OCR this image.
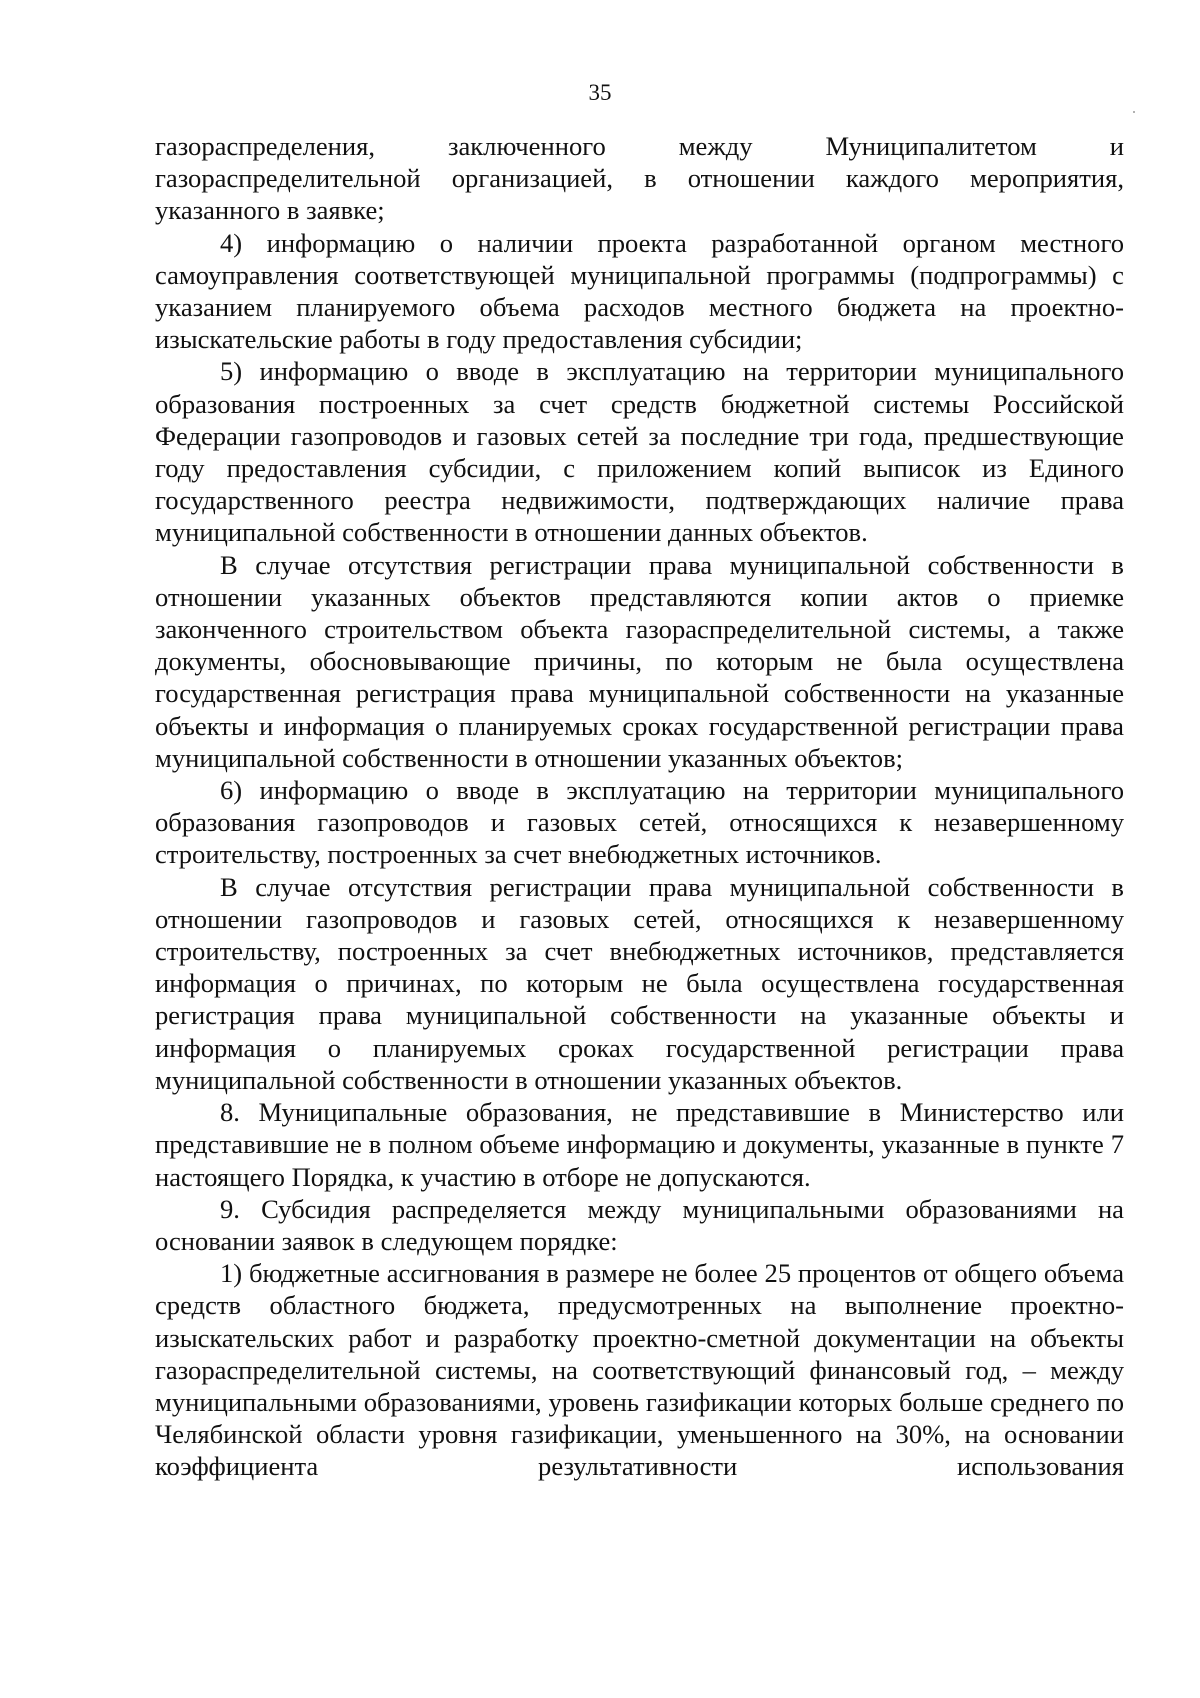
35

газораспределения, заключенного между Муниципалитетом и газораспределительной организацией, в отношении каждого мероприятия, указанного в заявке;

4) информацию о наличии проекта разработанной органом местного самоуправления соответствующей муниципальной программы (подпрограммы) с указанием планируемого объема расходов местного бюджета на проектно-изыскательские работы в году предоставления субсидии;

5) информацию о вводе в эксплуатацию на территории муниципального образования построенных за счет средств бюджетной системы Российской Федерации газопроводов и газовых сетей за последние три года, предшествующие году предоставления субсидии, с приложением копий выписок из Единого государственного реестра недвижимости, подтверждающих наличие права муниципальной собственности в отношении данных объектов.

В случае отсутствия регистрации права муниципальной собственности в отношении указанных объектов представляются копии актов о приемке законченного строительством объекта газораспределительной системы, а также документы, обосновывающие причины, по которым не была осуществлена государственная регистрация права муниципальной собственности на указанные объекты и информация о планируемых сроках государственной регистрации права муниципальной собственности в отношении указанных объектов;

6) информацию о вводе в эксплуатацию на территории муниципального образования газопроводов и газовых сетей, относящихся к незавершенному строительству, построенных за счет внебюджетных источников.

В случае отсутствия регистрации права муниципальной собственности в отношении газопроводов и газовых сетей, относящихся к незавершенному строительству, построенных за счет внебюджетных источников, представляется информация о причинах, по которым не была осуществлена государственная регистрация права муниципальной собственности на указанные объекты и информация о планируемых сроках государственной регистрации права муниципальной собственности в отношении указанных объектов.

8. Муниципальные образования, не представившие в Министерство или представившие не в полном объеме информацию и документы, указанные в пункте 7 настоящего Порядка, к участию в отборе не допускаются.

9. Субсидия распределяется между муниципальными образованиями на основании заявок в следующем порядке:

1) бюджетные ассигнования в размере не более 25 процентов от общего объема средств областного бюджета, предусмотренных на выполнение проектно-изыскательских работ и разработку проектно-сметной документации на объекты газораспределительной системы, на соответствующий финансовый год, – между муниципальными образованиями, уровень газификации которых больше среднего по Челябинской области уровня газификации, уменьшенного на 30%, на основании коэффициента результативности использования
